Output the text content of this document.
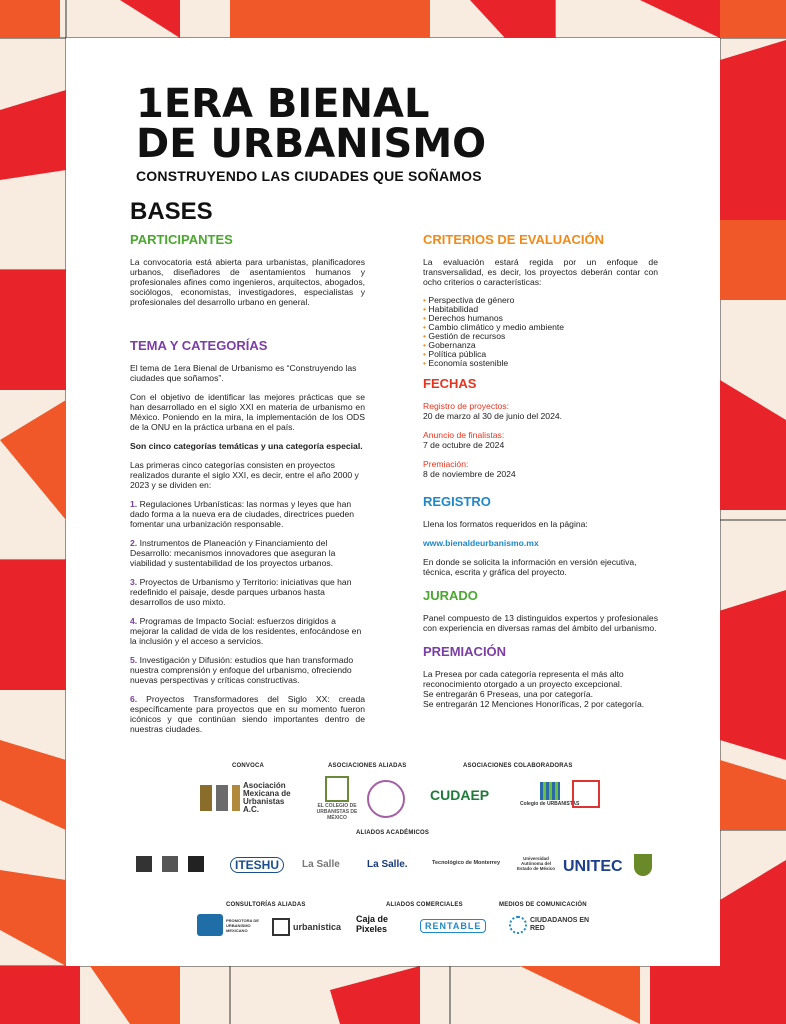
1ERA BIENAL
DE URBANISMO
CONSTRUYENDO LAS CIUDADES QUE SOÑAMOS
BASES
PARTICIPANTES

La convocatoria está abierta para urbanistas, planificadores urbanos, diseñadores de asentamientos humanos y profesionales afines como ingenieros, arquitectos, abogados, sociólogos, economistas, investigadores, especialistas y profesionales del desarrollo urbano en general.

TEMA Y CATEGORÍAS

El tema de 1era Bienal de Urbanismo es “Construyendo las ciudades que soñamos”.

Con el objetivo de identificar las mejores prácticas que se han desarrollado en el siglo XXI en materia de urbanismo en México. Poniendo en la mira, la implementación de los ODS de la ONU en la práctica urbana en el país.

Son cinco categorías temáticas y una categoría especial.

Las primeras cinco categorías consisten en proyectos realizados durante el siglo XXI, es decir, entre el año 2000 y 2023 y se dividen en:

1. Regulaciones Urbanísticas: las normas y leyes que han dado forma a la nueva era de ciudades, directrices pueden fomentar una urbanización responsable.

2. Instrumentos de Planeación y Financiamiento del Desarrollo: mecanismos innovadores que aseguran la viabilidad y sustentabilidad de los proyectos urbanos.

3. Proyectos de Urbanismo y Territorio: iniciativas que han redefinido el paisaje, desde parques urbanos hasta desarrollos de uso mixto.

4. Programas de Impacto Social: esfuerzos dirigidos a mejorar la calidad de vida de los residentes, enfocándose en la inclusión y el acceso a servicios.

5. Investigación y Difusión: estudios que han transformado nuestra comprensión y enfoque del urbanismo, ofreciendo nuevas perspectivas y críticas constructivas.

6. Proyectos Transformadores del Siglo XX: creada específicamente para proyectos que en su momento fueron icónicos y que continúan siendo importantes dentro de nuestras ciudades.

CRITERIOS DE EVALUACIÓN

La evaluación estará regida por un enfoque de transversalidad, es decir, los proyectos deberán contar con ocho criterios o características:

• Perspectiva de género
• Habitabilidad
• Derechos humanos
• Cambio climático y medio ambiente
• Gestión de recursos
• Gobernanza
• Política pública
• Economía sostenible
FECHAS

Registro de proyectos:
20 de marzo al 30 de junio del 2024.

Anuncio de finalistas:
7 de octubre de 2024

Premiación:
8 de noviembre de 2024

REGISTRO

Llena los formatos requeridos en la página:

www.bienaldeurbanismo.mx

En donde se solicita la información en versión ejecutiva, técnica, escrita y gráfica del proyecto.

JURADO

Panel compuesto de 13 distinguidos expertos y profesionales con experiencia en diversas ramas del ámbito del urbanismo.

PREMIACIÓN

La Presea por cada categoría representa el más alto reconocimiento otorgado a un proyecto excepcional.
Se entregarán 6 Preseas, una por categoría.
Se entregarán 12 Menciones Honoríficas, 2 por categoría.

CONVOCA	ASOCIACIONES ALIADAS	ASOCIACIONES COLABORADORAS
Asociación Mexicana de Urbanistas A.C.	EL COLEGIO DE URBANISTAS DE MÉXICO
CUDAEP
Colegio de URBANISTAS
ALIADOS ACADÉMICOS
ITESHU	La Salle	La Salle.	Tecnológico de Monterrey
Universidad Autónoma del Estado de México UNITEC
CONSULTORÍAS ALIADAS	ALIADOS COMERCIALES	MEDIOS DE COMUNICACIÓN
PROMOTORA DE URBANISMO MEXICANO	urbanistica
Caja de Pixeles	RENTABLE
CIUDADANOS EN RED
